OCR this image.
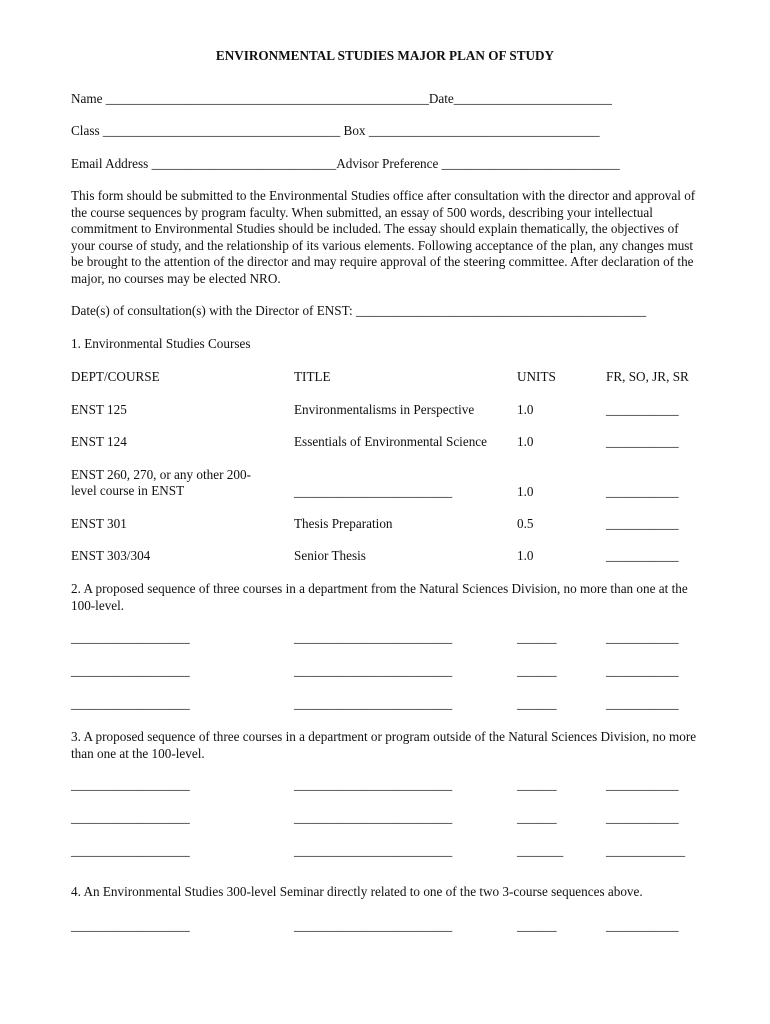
ENVIRONMENTAL STUDIES MAJOR PLAN OF STUDY
Name _________________________________________________Date________________________
Class ____________________________________ Box ___________________________________
Email Address ____________________________Advisor Preference ___________________________
This form should be submitted to the Environmental Studies office after consultation with the director and approval of the course sequences by program faculty. When submitted, an essay of 500 words, describing your intellectual commitment to Environmental Studies should be included. The essay should explain thematically, the objectives of your course of study, and the relationship of its various elements. Following acceptance of the plan, any changes must be brought to the attention of the director and may require approval of the steering committee. After declaration of the major, no courses may be elected NRO.
Date(s) of consultation(s) with the Director of ENST: ____________________________________________
1. Environmental Studies Courses
DEPT/COURSE	TITLE	UNITS	FR, SO, JR, SR
ENST 125	Environmentalisms in Perspective	1.0	___________
ENST 124	Essentials of Environmental Science 1.0	___________
ENST 260, 270, or any other 200-level course in ENST	________________________	1.0	___________
ENST 301	Thesis Preparation	0.5	___________
ENST 303/304	Senior Thesis	1.0	___________
2. A proposed sequence of three courses in a department from the Natural Sciences Division, no more than one at the 100-level.
__________________	________________________	______	___________
__________________	________________________	______	___________
__________________	________________________	______	___________
3. A proposed sequence of three courses in a department or program outside of the Natural Sciences Division, no more than one at the 100-level.
__________________	________________________	______	___________
__________________	________________________	______	___________
__________________	________________________	_______	____________
4. An Environmental Studies 300-level Seminar directly related to one of the two 3-course sequences above.
__________________	________________________	______	___________
